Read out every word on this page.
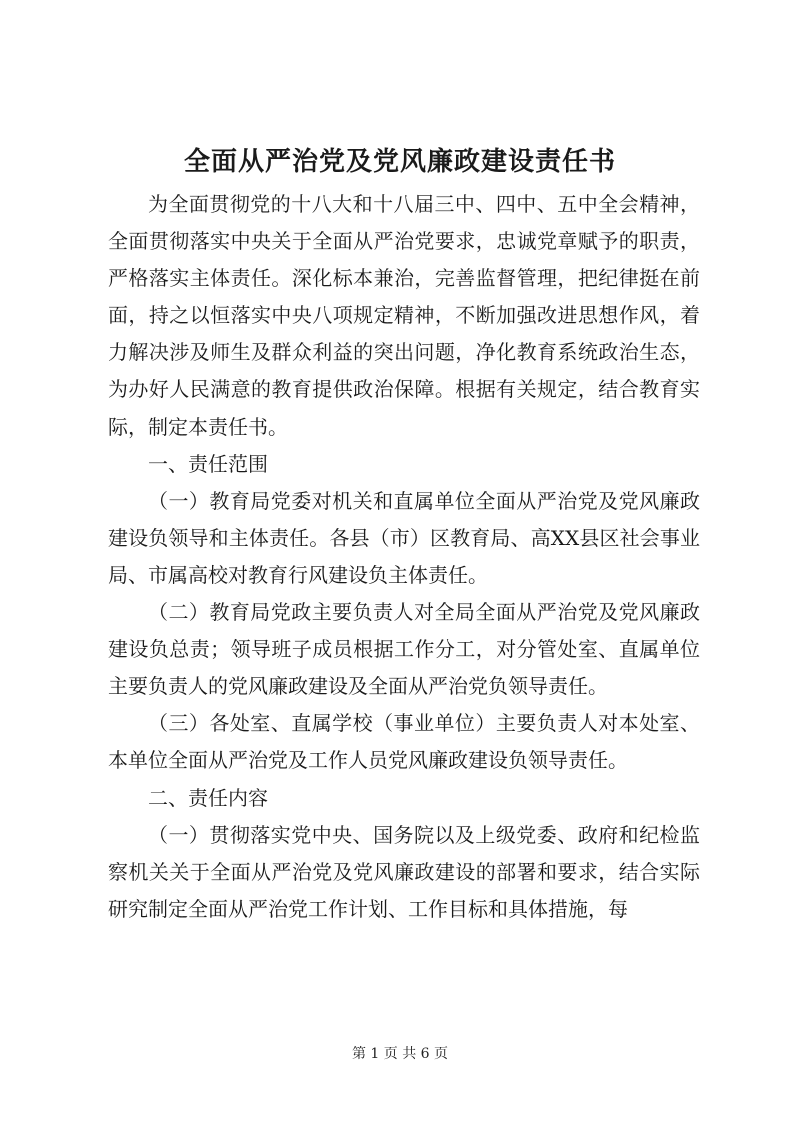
全面从严治党及党风廉政建设责任书

为全面贯彻党的十八大和十八届三中、四中、五中全会精神，全面贯彻落实中央关于全面从严治党要求，忠诚党章赋予的职责，严格落实主体责任。深化标本兼治，完善监督管理，把纪律挺在前面，持之以恒落实中央八项规定精神，不断加强改进思想作风，着力解决涉及师生及群众利益的突出问题，净化教育系统政治生态，为办好人民满意的教育提供政治保障。根据有关规定，结合教育实际，制定本责任书。

一、责任范围

（一）教育局党委对机关和直属单位全面从严治党及党风廉政建设负领导和主体责任。各县（市）区教育局、高XX县区社会事业局、市属高校对教育行风建设负主体责任。

（二）教育局党政主要负责人对全局全面从严治党及党风廉政建设负总责；领导班子成员根据工作分工，对分管处室、直属单位主要负责人的党风廉政建设及全面从严治党负领导责任。

（三）各处室、直属学校（事业单位）主要负责人对本处室、本单位全面从严治党及工作人员党风廉政建设负领导责任。

二、责任内容

（一）贯彻落实党中央、国务院以及上级党委、政府和纪检监察机关关于全面从严治党及党风廉政建设的部署和要求，结合实际研究制定全面从严治党工作计划、工作目标和具体措施，每

第 1 页 共 6 页
